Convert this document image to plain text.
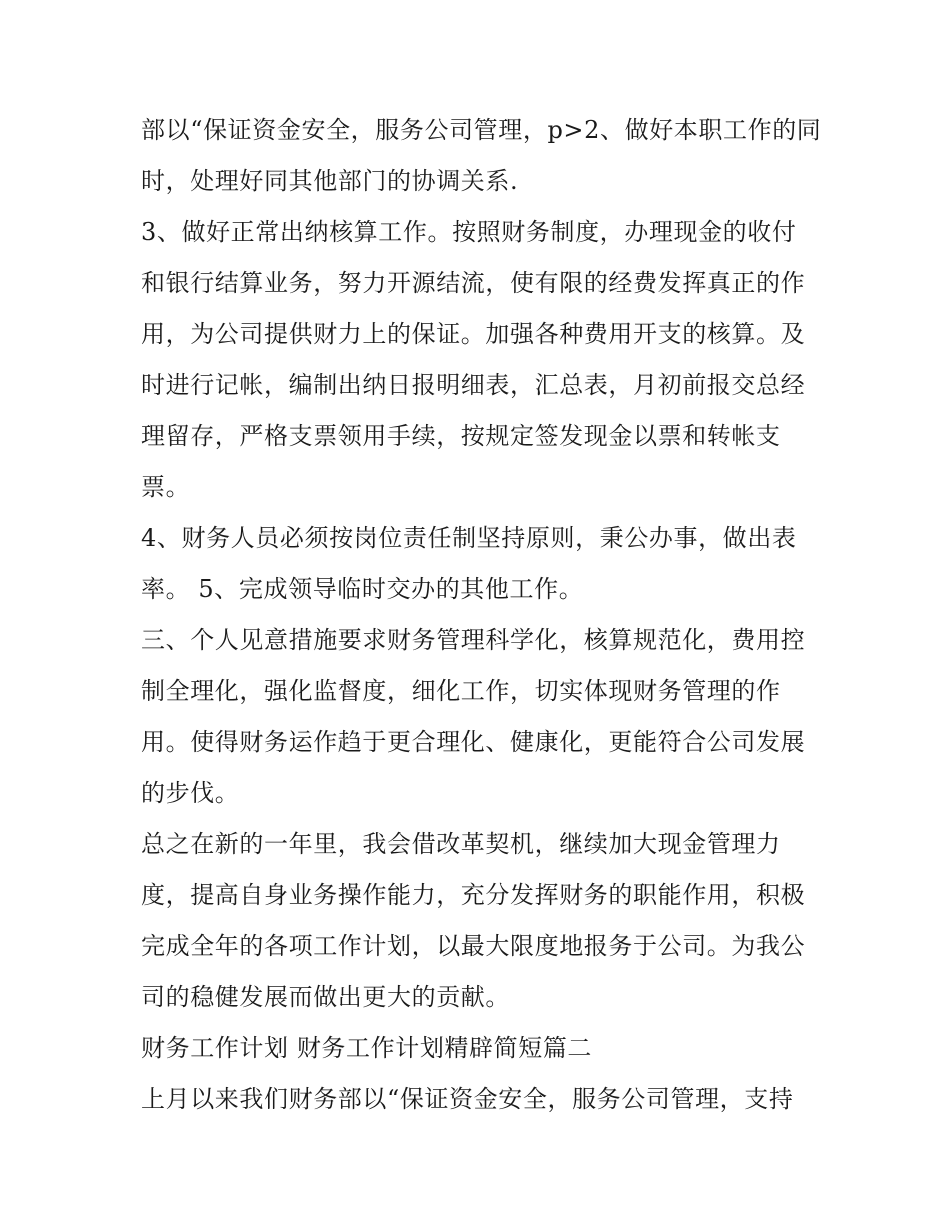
部以“保证资金安全，服务公司管理，p>2、做好本职工作的同
时，处理好同其他部门的协调关系.
3、做好正常出纳核算工作。按照财务制度，办理现金的收付
和银行结算业务，努力开源结流，使有限的经费发挥真正的作
用，为公司提供财力上的保证。加强各种费用开支的核算。及
时进行记帐，编制出纳日报明细表，汇总表，月初前报交总经
理留存，严格支票领用手续，按规定签发现金以票和转帐支
票。
4、财务人员必须按岗位责任制坚持原则，秉公办事，做出表
率。 5、完成领导临时交办的其他工作。
三、个人见意措施要求财务管理科学化，核算规范化，费用控
制全理化，强化监督度，细化工作，切实体现财务管理的作
用。使得财务运作趋于更合理化、健康化，更能符合公司发展
的步伐。
总之在新的一年里，我会借改革契机，继续加大现金管理力
度，提高自身业务操作能力，充分发挥财务的职能作用，积极
完成全年的各项工作计划，以最大限度地报务于公司。为我公
司的稳健发展而做出更大的贡献。
财务工作计划 财务工作计划精辟简短篇二
上月以来我们财务部以“保证资金安全，服务公司管理，支持
